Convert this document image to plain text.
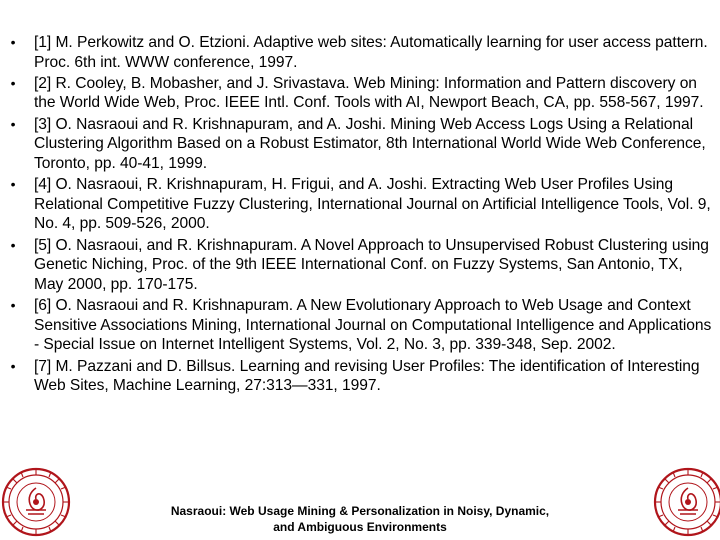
• [1] M. Perkowitz and O. Etzioni. Adaptive web sites: Automatically learning for user access pattern. Proc. 6th int. WWW conference, 1997.
• [2] R. Cooley, B. Mobasher, and J. Srivastava. Web Mining: Information and Pattern discovery on the World Wide Web, Proc. IEEE Intl. Conf. Tools with AI, Newport Beach, CA, pp. 558-567, 1997.
• [3] O. Nasraoui and R. Krishnapuram, and A. Joshi. Mining Web Access Logs Using a Relational Clustering Algorithm Based on a Robust Estimator, 8th International World Wide Web Conference, Toronto, pp. 40-41, 1999.
• [4] O. Nasraoui, R. Krishnapuram, H. Frigui, and A. Joshi. Extracting Web User Profiles Using Relational Competitive Fuzzy Clustering, International Journal on Artificial Intelligence Tools, Vol. 9, No. 4, pp. 509-526, 2000.
• [5] O. Nasraoui, and R. Krishnapuram. A Novel Approach to Unsupervised Robust Clustering using Genetic Niching, Proc. of the 9th IEEE International Conf. on Fuzzy Systems, San Antonio, TX, May 2000, pp. 170-175.
• [6] O. Nasraoui and R. Krishnapuram. A New Evolutionary Approach to Web Usage and Context Sensitive Associations Mining, International Journal on Computational Intelligence and Applications - Special Issue on Internet Intelligent Systems, Vol. 2, No. 3, pp. 339-348, Sep. 2002.
• [7] M. Pazzani and D. Billsus. Learning and revising User Profiles: The identification of Interesting Web Sites, Machine Learning, 27:313—331, 1997.
Nasraoui: Web Usage Mining & Personalization in Noisy, Dynamic,
and Ambiguous Environments
